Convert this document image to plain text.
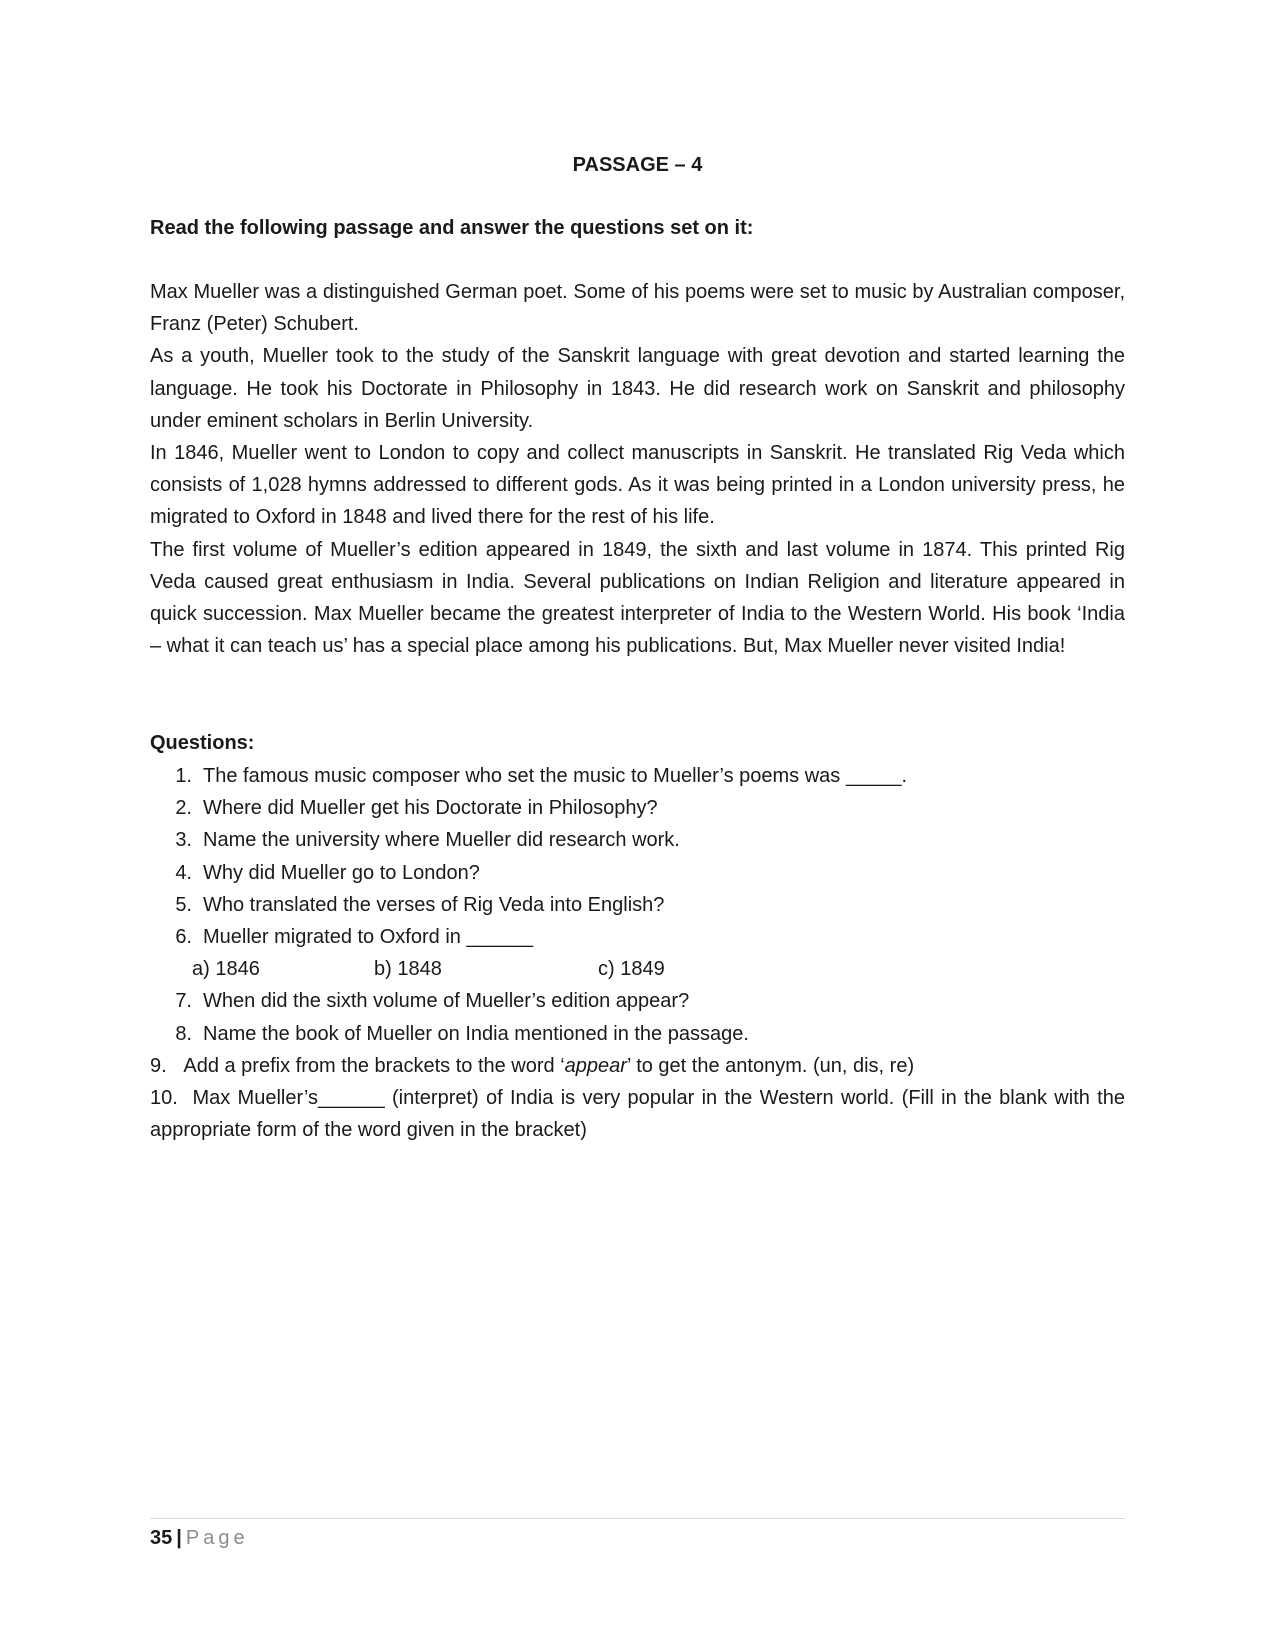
PASSAGE – 4
Read the following passage and answer the questions set on it:

Max Mueller was a distinguished German poet. Some of his poems were set to music by Australian composer, Franz (Peter) Schubert.

As a youth, Mueller took to the study of the Sanskrit language with great devotion and started learning the language. He took his Doctorate in Philosophy in 1843. He did research work on Sanskrit and philosophy under eminent scholars in Berlin University.

In 1846, Mueller went to London to copy and collect manuscripts in Sanskrit. He translated Rig Veda which consists of 1,028 hymns addressed to different gods. As it was being printed in a London university press, he migrated to Oxford in 1848 and lived there for the rest of his life.

The first volume of Mueller’s edition appeared in 1849, the sixth and last volume in 1874. This printed Rig Veda caused great enthusiasm in India. Several publications on Indian Religion and literature appeared in quick succession. Max Mueller became the greatest interpreter of India to the Western World. His book ‘India – what it can teach us’ has a special place among his publications. But, Max Mueller never visited India!

Questions:
1. The famous music composer who set the music to Mueller’s poems was _____.
2. Where did Mueller get his Doctorate in Philosophy?
3. Name the university where Mueller did research work.
4. Why did Mueller go to London?
5. Who translated the verses of Rig Veda into English?
6. Mueller migrated to Oxford in ______
a) 1846	b) 1848	c) 1849
7. When did the sixth volume of Mueller’s edition appear?
8. Name the book of Mueller on India mentioned in the passage.
9. Add a prefix from the brackets to the word ‘appear’ to get the antonym. (un, dis, re)
10. Max Mueller’s______ (interpret) of India is very popular in the Western world. (Fill in the blank with the appropriate form of the word given in the bracket)
35 | Page
